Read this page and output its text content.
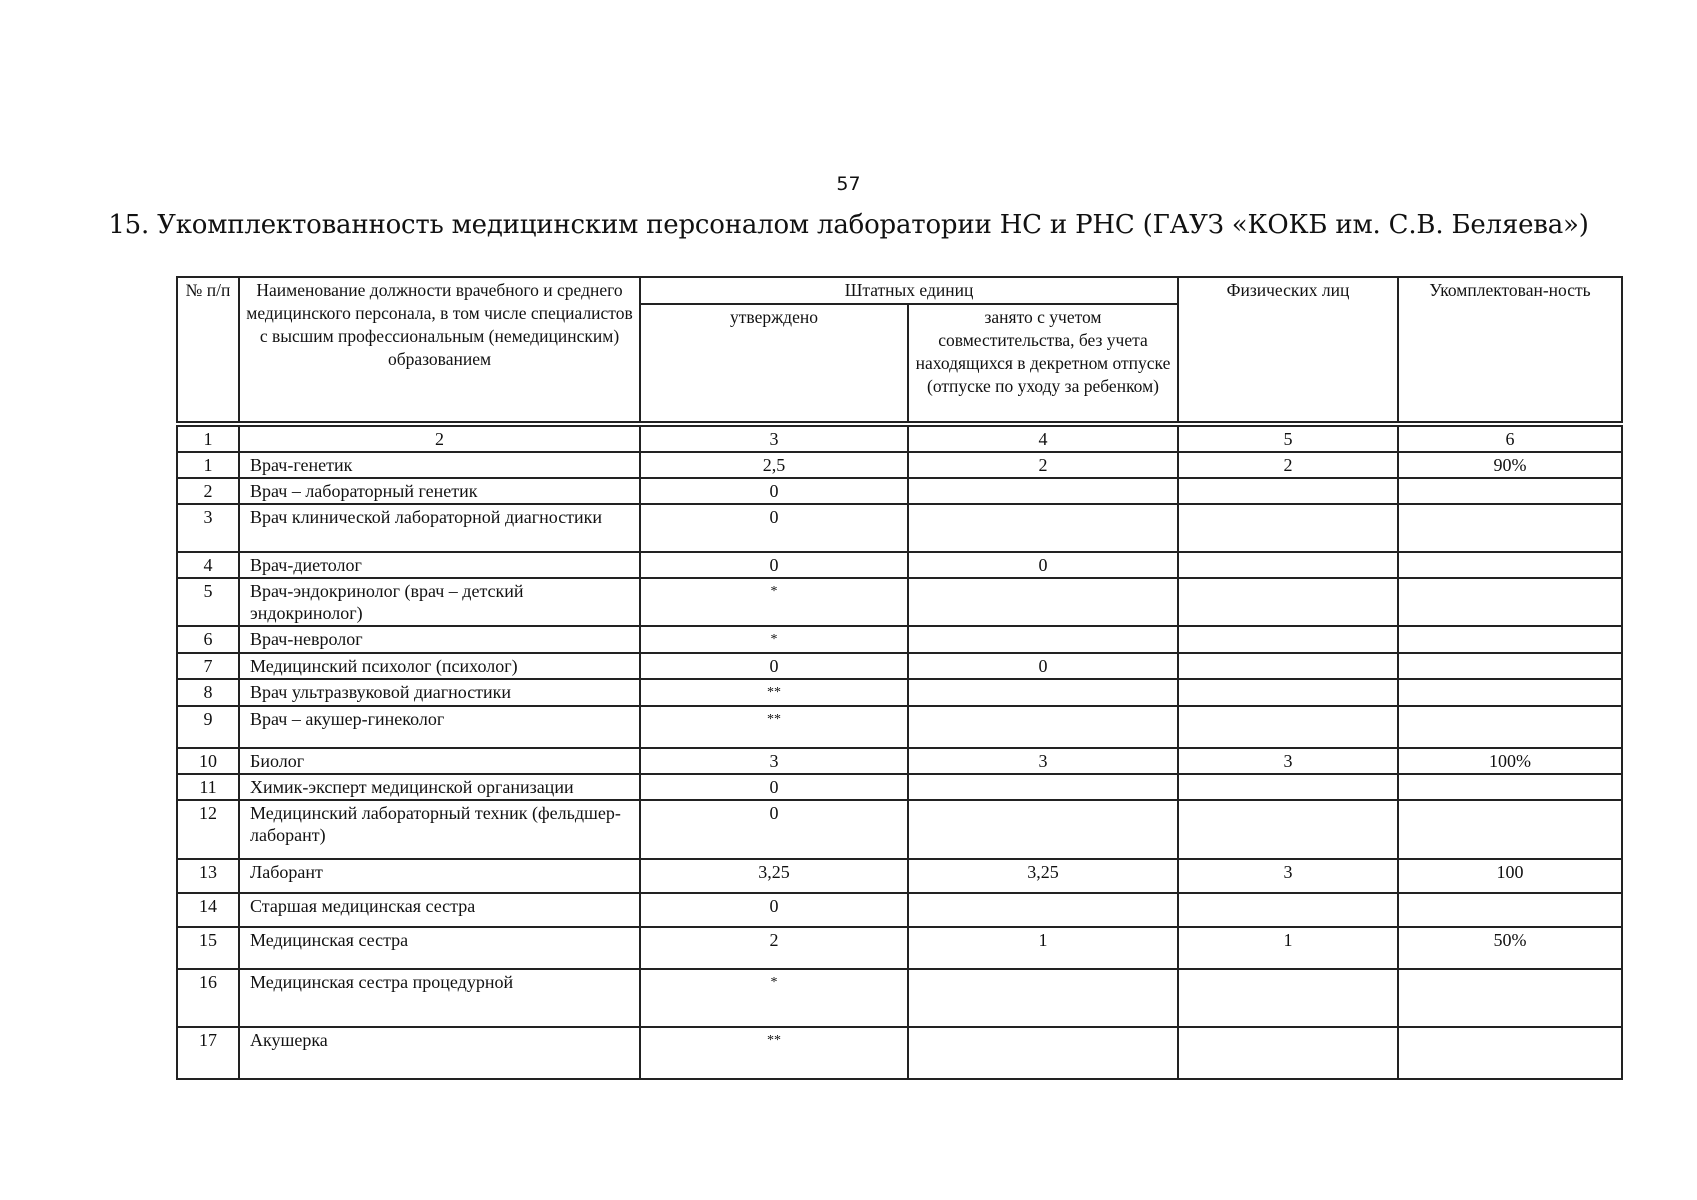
57
15. Укомплектованность медицинским персоналом лаборатории НС и РНС (ГАУЗ «КОКБ им. С.В. Беляева»)
№ п/п	Наименование должности врачебного и среднего медицинского персонала, в том числе специалистов с высшим профессиональным (немедицинским) образованием	Штатных единиц		Физических лиц	Укомплектован-ность
		утверждено	занято с учетом совместительства, без учета находящихся в декретном отпуске (отпуске по уходу за ребенком)		
1	2	3	4	5	6
1	Врач-генетик	2,5	2	2	90%
2	Врач – лабораторный генетик	0			
3	Врач клинической лабораторной диагностики	0			
4	Врач-диетолог	0	0		
5	Врач-эндокринолог (врач – детский эндокринолог)	*			
6	Врач-невролог	*			
7	Медицинский психолог (психолог)	0	0		
8	Врач ультразвуковой диагностики	**			
9	Врач – акушер-гинеколог	**			
10	Биолог	3	3	3	100%
11	Химик-эксперт медицинской организации	0			
12	Медицинский лабораторный техник (фельдшер-лаборант)	0			
13	Лаборант	3,25	3,25	3	100
14	Старшая медицинская сестра	0			
15	Медицинская сестра	2	1	1	50%
16	Медицинская сестра процедурной	*			
17	Акушерка	**			
